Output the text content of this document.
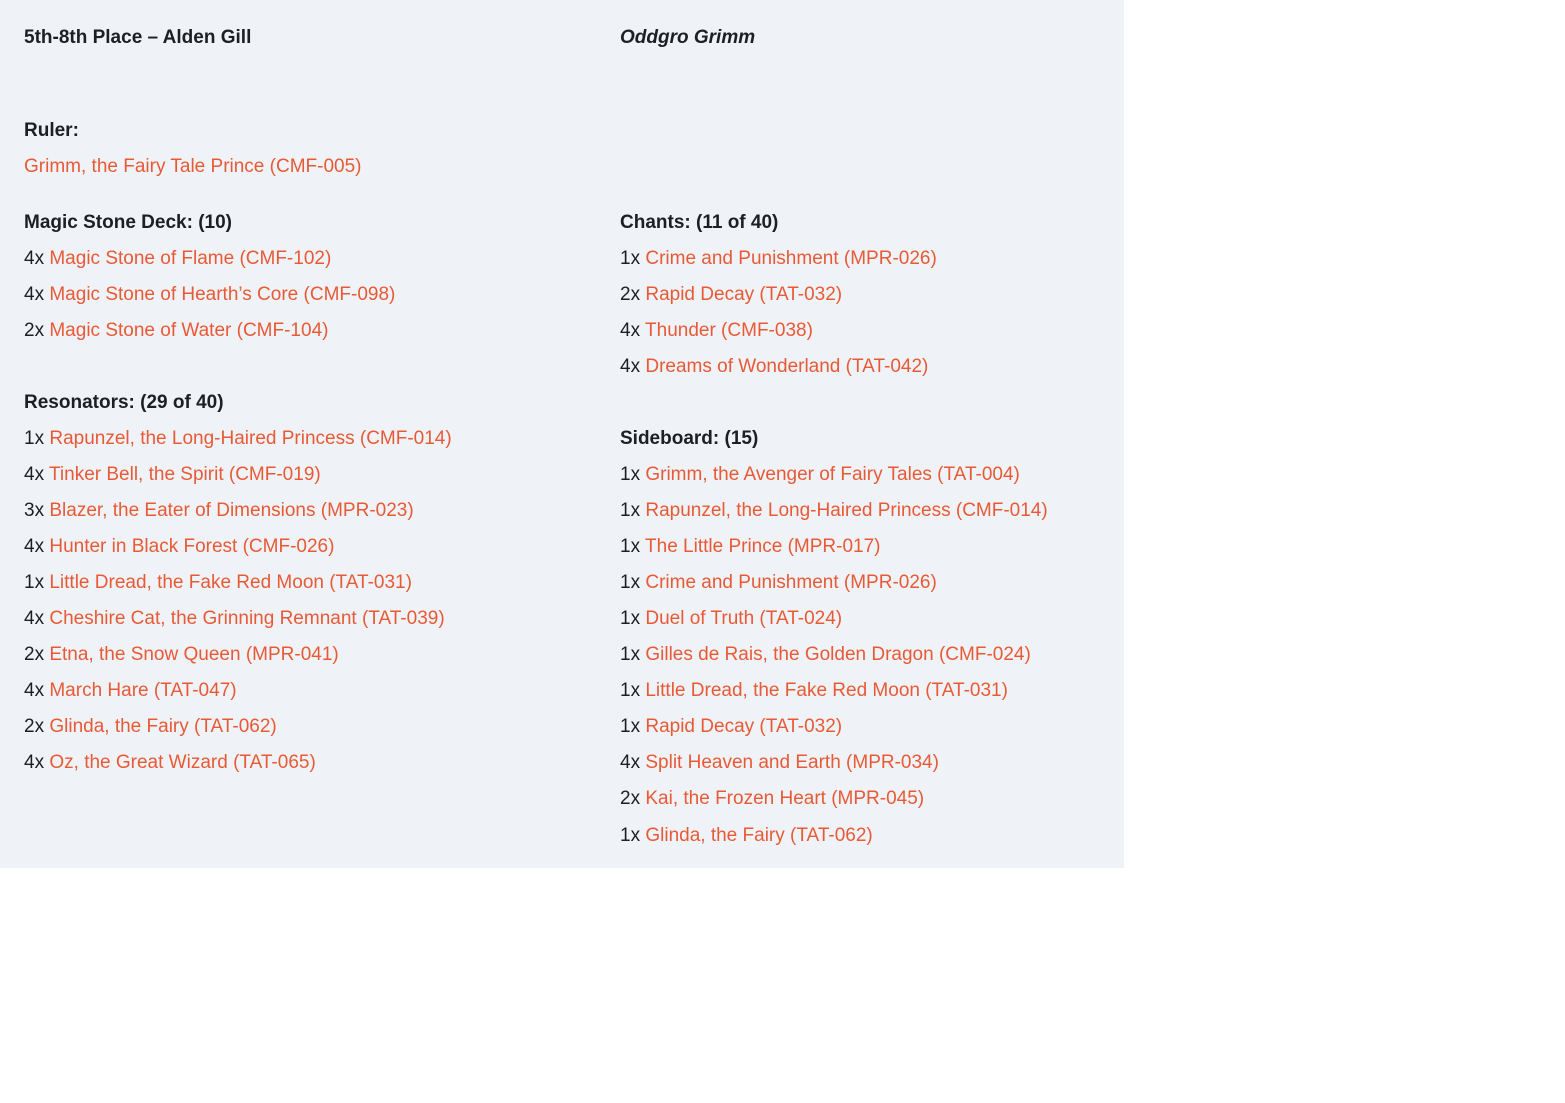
5th-8th Place – Alden Gill
Ruler:
Grimm, the Fairy Tale Prince (CMF-005)
Magic Stone Deck: (10)
4x Magic Stone of Flame (CMF-102)
4x Magic Stone of Hearth’s Core (CMF-098)
2x Magic Stone of Water (CMF-104)
Resonators: (29 of 40)
1x Rapunzel, the Long-Haired Princess (CMF-014)
4x Tinker Bell, the Spirit (CMF-019)
3x Blazer, the Eater of Dimensions (MPR-023)
4x Hunter in Black Forest (CMF-026)
1x Little Dread, the Fake Red Moon (TAT-031)
4x Cheshire Cat, the Grinning Remnant (TAT-039)
2x Etna, the Snow Queen (MPR-041)
4x March Hare (TAT-047)
2x Glinda, the Fairy (TAT-062)
4x Oz, the Great Wizard (TAT-065)
Oddgro Grimm
Chants: (11 of 40)
1x Crime and Punishment (MPR-026)
2x Rapid Decay (TAT-032)
4x Thunder (CMF-038)
4x Dreams of Wonderland (TAT-042)
Sideboard: (15)
1x Grimm, the Avenger of Fairy Tales (TAT-004)
1x Rapunzel, the Long-Haired Princess (CMF-014)
1x The Little Prince (MPR-017)
1x Crime and Punishment (MPR-026)
1x Duel of Truth (TAT-024)
1x Gilles de Rais, the Golden Dragon (CMF-024)
1x Little Dread, the Fake Red Moon (TAT-031)
1x Rapid Decay (TAT-032)
4x Split Heaven and Earth (MPR-034)
2x Kai, the Frozen Heart (MPR-045)
1x Glinda, the Fairy (TAT-062)
